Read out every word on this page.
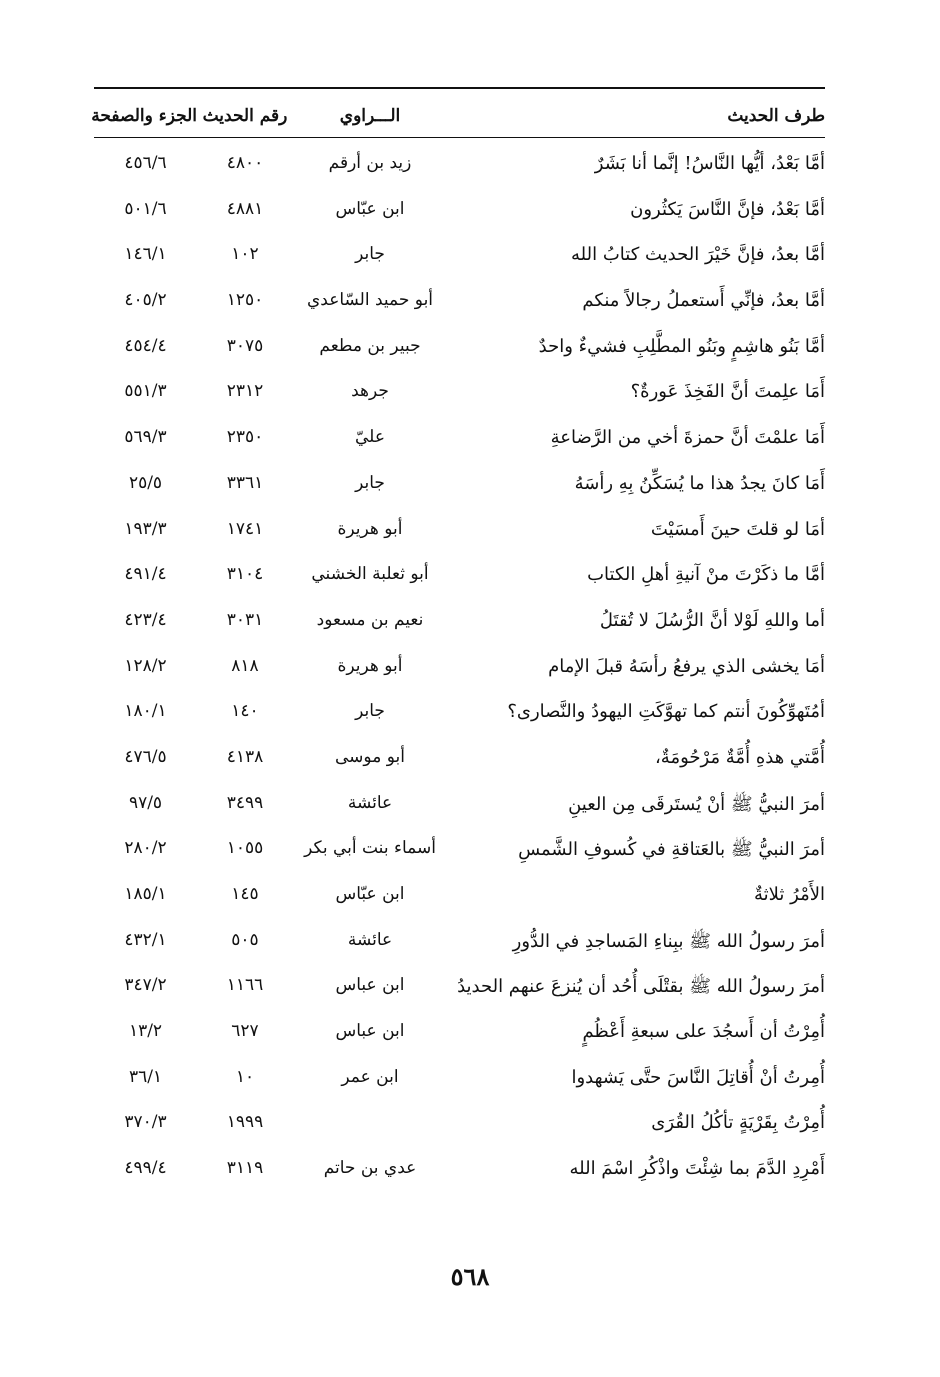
طرف الحديث
الـــراوي
رقم الحديث
الجزء والصفحة
أمَّا بَعْدُ، أيُّها النَّاسُ! إنَّما أنا بَشَرٌ
زيد بن أرقم
٤٨٠٠
٤٥٦/٦
أمَّا بَعْدُ، فإنَّ النَّاسَ يَكثُرون
ابن عبّاس
٤٨٨١
٥٠١/٦
أمَّا بعدُ، فإنَّ خَيْرَ الحديث كتابُ الله
جابر
١٠٢
١٤٦/١
أمَّا بعدُ، فإنِّي أَستعملُ رجالاً منكم
أبو حميد السّاعدي
١٢٥٠
٤٠٥/٢
أمَّا بَنُو هاشِمٍ وبَنُو المطَّلِبِ فشيءٌ واحدٌ
جبير بن مطعم
٣٠٧٥
٤٥٤/٤
أَمَا علِمتَ أنَّ الفَخِذَ عَورةٌ؟
جرهد
٢٣١٢
٥٥١/٣
أَمَا علمْتَ أنَّ حمزةَ أخي من الرَّضاعةِ
عليّ
٢٣٥٠
٥٦٩/٣
أَمَا كانَ يجدُ هذا ما يُسَكِّنُ بِهِ رأسَهُ
جابر
٣٣٦١
٢٥/٥
أمَا لو قلتَ حينَ أَمسَيْتَ
أبو هريرة
١٧٤١
١٩٣/٣
أمَّا ما ذكَرْتَ منْ آنيةِ أهلِ الكتاب
أبو ثعلبة الخشني
٣١٠٤
٤٩١/٤
أما واللهِ لَوْلا أنَّ الرُّسُلَ لا تُقتَلُ
نعيم بن مسعود
٣٠٣١
٤٢٣/٤
أمَا يخشى الذي يرفعُ رأسَهُ قبلَ الإمام
أبو هريرة
٨١٨
١٢٨/٢
أمُتَهوِّكُونَ أنتم كما تهوَّكَتِ اليهودُ والنَّصارى؟
جابر
١٤٠
١٨٠/١
أُمَّتي هذهِ أُمَّةٌ مَرْحُومَةٌ،
أبو موسى
٤١٣٨
٤٧٦/٥
أمرَ النبيُّ ﷺ أنْ يُستَرقَى مِن العينِ
عائشة
٣٤٩٩
٩٧/٥
أمرَ النبيُّ ﷺ بالعَتاقةِ في كُسوفِ الشَّمسِ
أسماء بنت أبي بكر
١٠٥٥
٢٨٠/٢
الأَمْرُ ثلاثةٌ
ابن عبّاس
١٤٥
١٨٥/١
أمرَ رسولُ الله ﷺ ببِناءِ المَساجدِ في الدُّورِ
عائشة
٥٠٥
٤٣٢/١
أمرَ رسولُ الله ﷺ بقتْلَى أُحُد أن يُنزعَ عنهم الحديدُ
ابن عباس
١١٦٦
٣٤٧/٢
أُمِرْتُ أن أَسجُدَ على سبعةِ أَعْظُمٍ
ابن عباس
٦٢٧
١٣/٢
أُمِرتُ أنْ أُقاتِلَ النَّاسَ حتَّى يَشهدوا
ابن عمر
١٠
٣٦/١
أُمِرْتُ بِقَرْيَةٍ تأكُلُ القُرَى
١٩٩٩
٣٧٠/٣
أَمْرِدِ الدَّمَ بما شِئْتَ واذْكُرِ اسْمَ الله
عدي بن حاتم
٣١١٩
٤٩٩/٤
٥٦٨
